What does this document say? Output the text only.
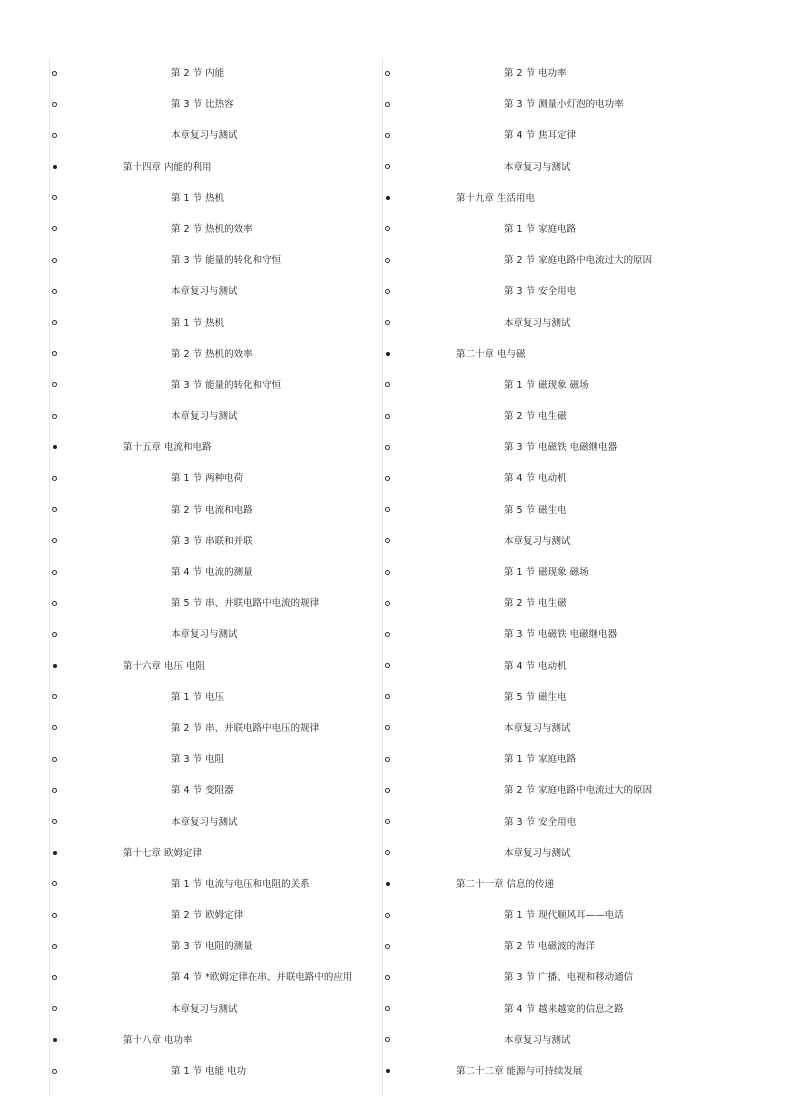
第 2 节 内能
第 3 节 比热容
本章复习与测试
第十四章 内能的利用
第 1 节 热机
第 2 节 热机的效率
第 3 节 能量的转化和守恒
本章复习与测试
第 1 节 热机
第 2 节 热机的效率
第 3 节 能量的转化和守恒
本章复习与测试
第十五章 电流和电路
第 1 节 两种电荷
第 2 节 电流和电路
第 3 节 串联和并联
第 4 节 电流的测量
第 5 节 串、并联电路中电流的规律
本章复习与测试
第十六章 电压 电阻
第 1 节 电压
第 2 节 串、并联电路中电压的规律
第 3 节 电阻
第 4 节 变阻器
本章复习与测试
第十七章 欧姆定律
第 1 节 电流与电压和电阻的关系
第 2 节 欧姆定律
第 3 节 电阻的测量
第 4 节 *欧姆定律在串、并联电路中的应用
本章复习与测试
第十八章 电功率
第 1 节 电能 电功
第 2 节 电功率
第 3 节 测量小灯泡的电功率
第 4 节 焦耳定律
本章复习与测试
第十九章 生活用电
第 1 节 家庭电路
第 2 节 家庭电路中电流过大的原因
第 3 节 安全用电
本章复习与测试
第二十章 电与磁
第 1 节 磁现象 磁场
第 2 节 电生磁
第 3 节 电磁铁 电磁继电器
第 4 节 电动机
第 5 节 磁生电
本章复习与测试
第 1 节 磁现象 磁场
第 2 节 电生磁
第 3 节 电磁铁 电磁继电器
第 4 节 电动机
第 5 节 磁生电
本章复习与测试
第 1 节 家庭电路
第 2 节 家庭电路中电流过大的原因
第 3 节 安全用电
本章复习与测试
第二十一章 信息的传递
第 1 节 现代顺风耳——电话
第 2 节 电磁波的海洋
第 3 节 广播、电视和移动通信
第 4 节 越来越宽的信息之路
本章复习与测试
第二十二章 能源与可持续发展
